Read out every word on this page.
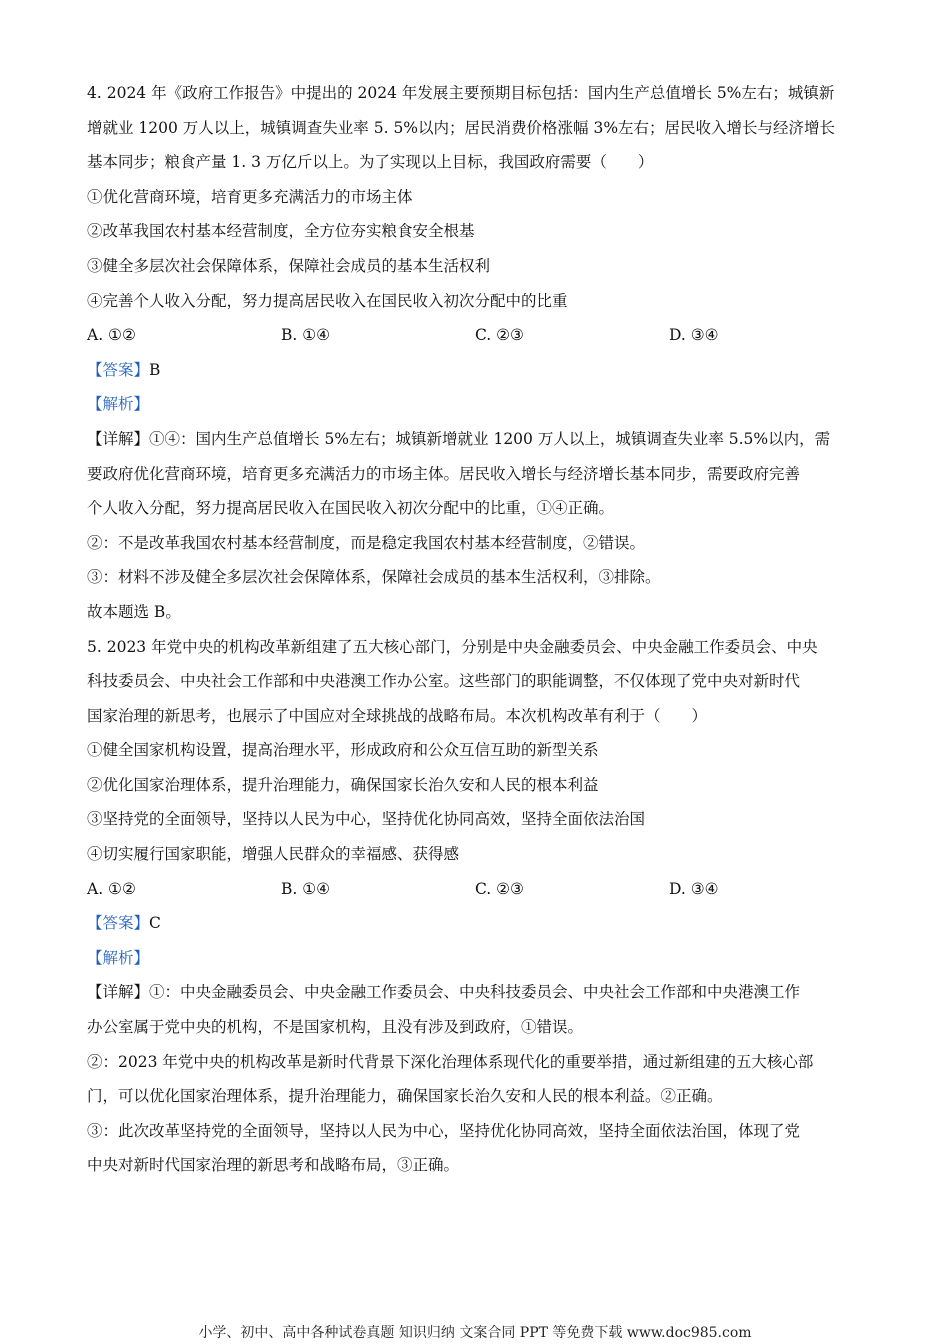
4. 2024 年《政府工作报告》中提出的 2024 年发展主要预期目标包括：国内生产总值增长 5%左右；城镇新
增就业 1200 万人以上，城镇调查失业率 5. 5%以内；居民消费价格涨幅 3%左右；居民收入增长与经济增长
基本同步；粮食产量 1. 3 万亿斤以上。为了实现以上目标，我国政府需要（　　）
①优化营商环境，培育更多充满活力的市场主体
②改革我国农村基本经营制度，全方位夯实粮食安全根基
③健全多层次社会保障体系，保障社会成员的基本生活权利
④完善个人收入分配，努力提高居民收入在国民收入初次分配中的比重
A. ①②	B. ①④	C. ②③	D. ③④
【答案】B
【解析】
【详解】①④：国内生产总值增长 5%左右；城镇新增就业 1200 万人以上，城镇调查失业率 5.5%以内，需
要政府优化营商环境，培育更多充满活力的市场主体。居民收入增长与经济增长基本同步，需要政府完善
个人收入分配，努力提高居民收入在国民收入初次分配中的比重，①④正确。
②：不是改革我国农村基本经营制度，而是稳定我国农村基本经营制度，②错误。
③：材料不涉及健全多层次社会保障体系，保障社会成员的基本生活权利，③排除。
故本题选 B。
5. 2023 年党中央的机构改革新组建了五大核心部门，分别是中央金融委员会、中央金融工作委员会、中央
科技委员会、中央社会工作部和中央港澳工作办公室。这些部门的职能调整，不仅体现了党中央对新时代
国家治理的新思考，也展示了中国应对全球挑战的战略布局。本次机构改革有利于（　　）
①健全国家机构设置，提高治理水平，形成政府和公众互信互助的新型关系
②优化国家治理体系，提升治理能力，确保国家长治久安和人民的根本利益
③坚持党的全面领导，坚持以人民为中心，坚持优化协同高效，坚持全面依法治国
④切实履行国家职能，增强人民群众的幸福感、获得感
A. ①②	B. ①④	C. ②③	D. ③④
【答案】C
【解析】
【详解】①：中央金融委员会、中央金融工作委员会、中央科技委员会、中央社会工作部和中央港澳工作
办公室属于党中央的机构，不是国家机构，且没有涉及到政府，①错误。
②：2023 年党中央的机构改革是新时代背景下深化治理体系现代化的重要举措，通过新组建的五大核心部
门，可以优化国家治理体系，提升治理能力，确保国家长治久安和人民的根本利益。②正确。
③：此次改革坚持党的全面领导，坚持以人民为中心，坚持优化协同高效，坚持全面依法治国，体现了党
中央对新时代国家治理的新思考和战略布局，③正确。
小学、初中、高中各种试卷真题 知识归纳 文案合同 PPT 等免费下载 www.doc985.com
